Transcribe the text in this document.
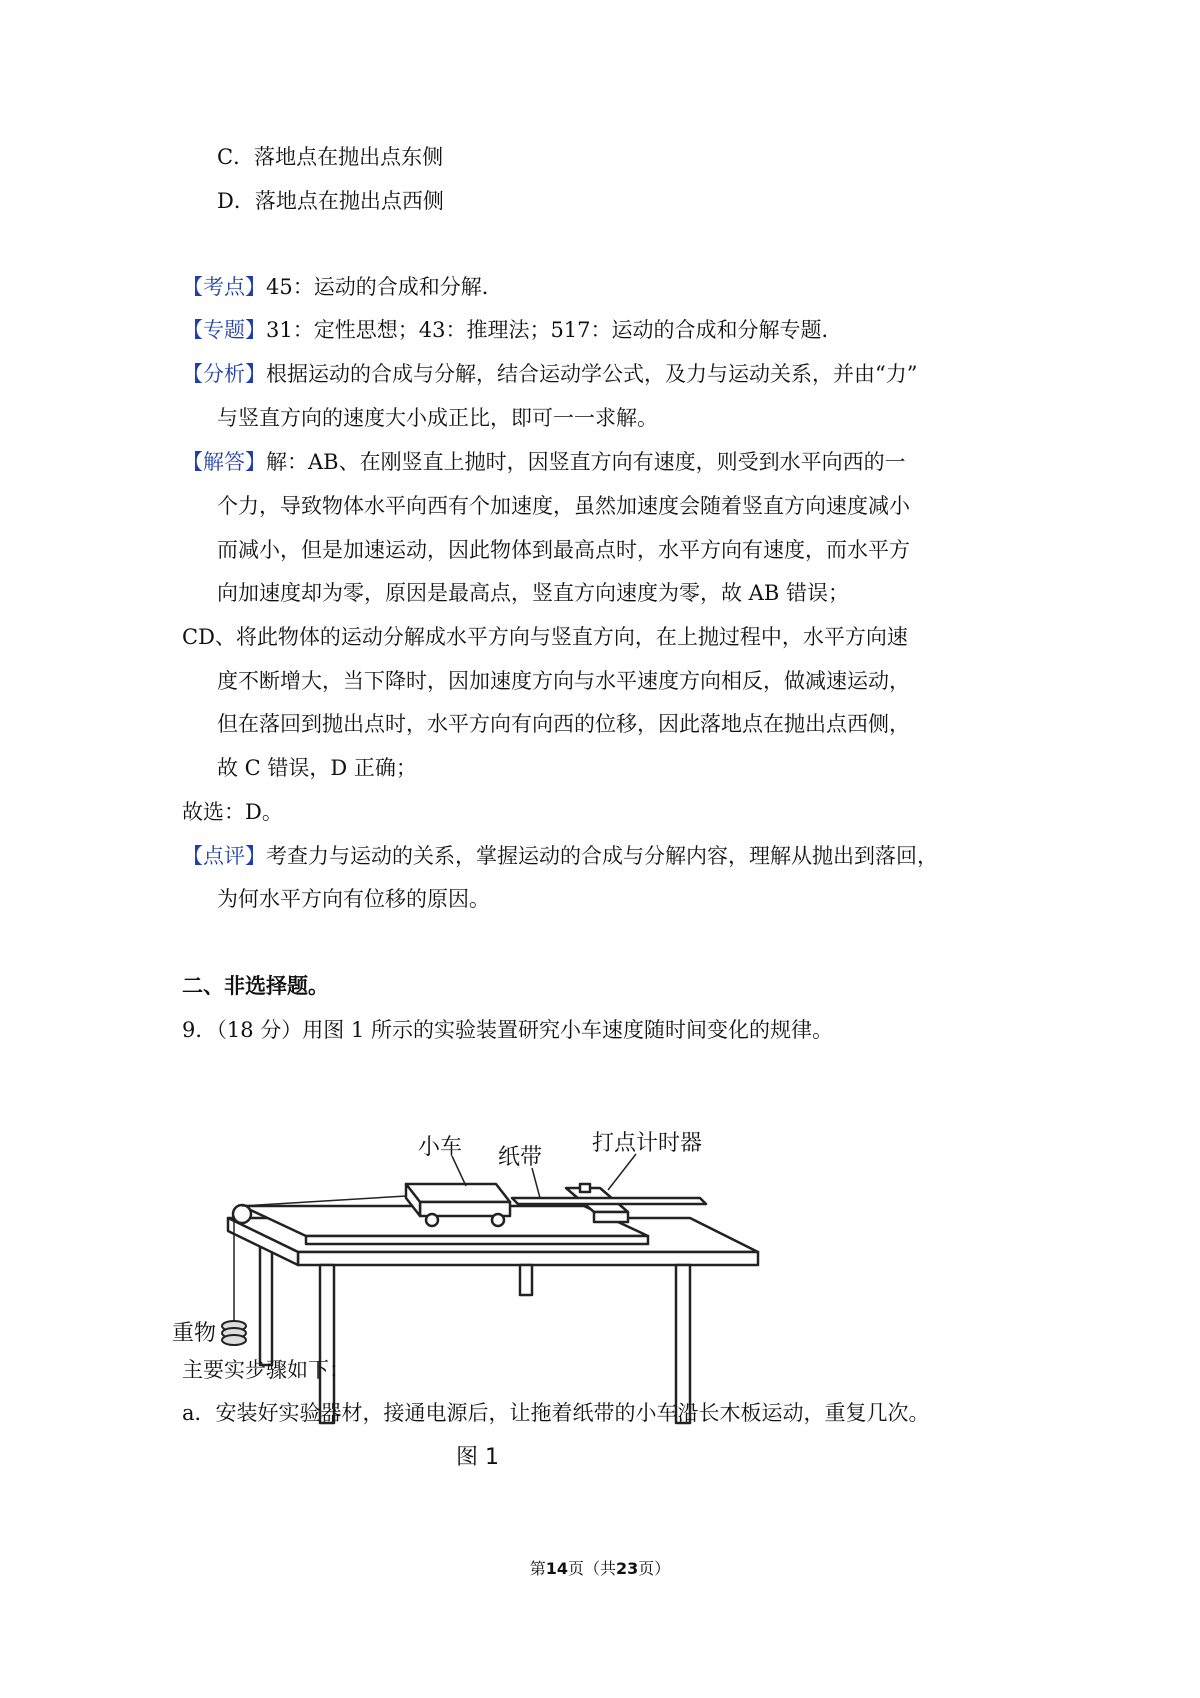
C．落地点在抛出点东侧
D．落地点在抛出点西侧
【考点】45：运动的合成和分解．
【专题】31：定性思想；43：推理法；517：运动的合成和分解专题．
【分析】根据运动的合成与分解，结合运动学公式，及力与运动关系，并由“力”
与竖直方向的速度大小成正比，即可一一求解。
【解答】解：AB、在刚竖直上抛时，因竖直方向有速度，则受到水平向西的一
个力，导致物体水平向西有个加速度，虽然加速度会随着竖直方向速度减小
而减小，但是加速运动，因此物体到最高点时，水平方向有速度，而水平方
向加速度却为零，原因是最高点，竖直方向速度为零，故 AB 错误；
CD、将此物体的运动分解成水平方向与竖直方向，在上抛过程中，水平方向速
度不断增大，当下降时，因加速度方向与水平速度方向相反，做减速运动，
但在落回到抛出点时，水平方向有向西的位移，因此落地点在抛出点西侧，
故 C 错误，D 正确；
故选：D。
【点评】考查力与运动的关系，掌握运动的合成与分解内容，理解从抛出到落回，
为何水平方向有位移的原因。
二、非选择题。
9．（18 分）用图 1 所示的实验装置研究小车速度随时间变化的规律。
小车 纸带
打点计时器
重物
图 1
主要实步骤如下：
a．安装好实验器材，接通电源后，让拖着纸带的小车沿长木板运动，重复几次。
第14页（共23页）
